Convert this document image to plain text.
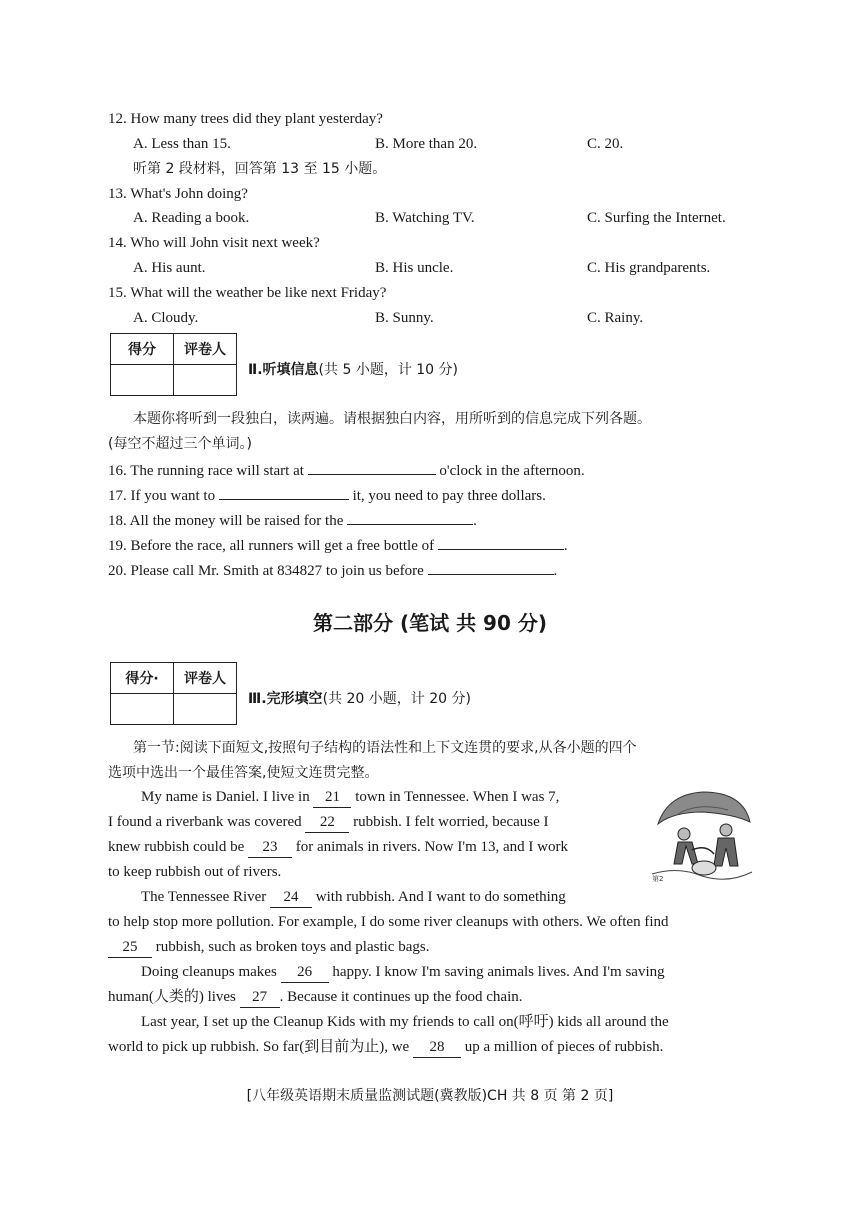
12. How many trees did they plant yesterday?
A. Less than 15.	B. More than 20.	C. 20.
听第 2 段材料，回答第 13 至 15 小题。
13. What's John doing?
A. Reading a book.	B. Watching TV.	C. Surfing the Internet.
14. Who will John visit next week?
A. His aunt.	B. His uncle.	C. His grandparents.
15. What will the weather be like next Friday?
A. Cloudy.	B. Sunny.	C. Rainy.
得分	评卷人

Ⅱ.听填信息(共 5 小题，计 10 分)
本题你将听到一段独白，读两遍。请根据独白内容，用所听到的信息完成下列各题。
(每空不超过三个单词。)
16. The running race will start at	o'clock in the afternoon.
17. If you want to	it, you need to pay three dollars.
18. All the money will be raised for the	.
19. Before the race, all runners will get a free bottle of	.
20. Please call Mr. Smith at 834827 to join us before	.
第二部分 (笔试 共 90 分)
得分·	评卷人

Ⅲ.完形填空(共 20 小题，计 20 分)
第一节:阅读下面短文,按照句子结构的语法性和上下文连贯的要求,从各小题的四个
选项中选出一个最佳答案,使短文连贯完整。
My name is Daniel. I live in 21 town in Tennessee. When I was 7,
I found a riverbank was covered 22 rubbish. I felt worried, because I
knew rubbish could be 23 for animals in rivers. Now I'm 13, and I work
to keep rubbish out of rivers.
The Tennessee River 24 with rubbish. And I want to do something
to help stop more pollution. For example, I do some river cleanups with others. We often find
25 rubbish, such as broken toys and plastic bags.
Doing cleanups makes 26 happy. I know I'm saving animals lives. And I'm saving
human(人类的) lives 27 . Because it continues up the food chain.
Last year, I set up the Cleanup Kids with my friends to call on(呼吁) kids all around the
world to pick up rubbish. So far(到目前为止), we 28 up a million of pieces of rubbish.
第2
[八年级英语期末质量监测试题(冀教版)CH 共 8 页 第 2 页]
